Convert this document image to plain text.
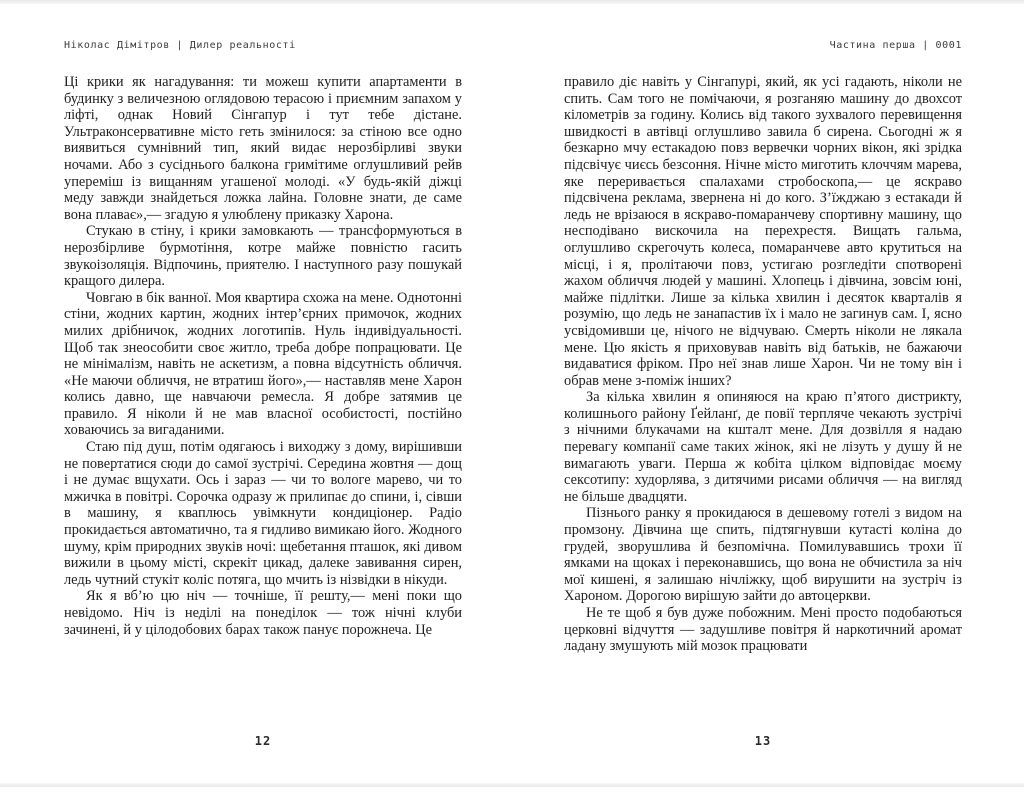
Ніколас Дімітров | Дилер реальності

Ці крики як нагадування: ти можеш купити апартаменти в будинку з величезною оглядовою терасою і приємним запахом у ліфті, однак Новий Сінгапур і тут тебе дістане. Ультраконсервативне місто геть змінилося: за стіною все одно виявиться сумнівний тип, який видає нерозбірливі звуки ночами. Або з сусіднього балкона гримітиме оглушливий рейв упереміш із вищанням угашеної молоді. «У будь-якій діжці меду завжди знайдеться ложка лайна. Головне знати, де саме вона плаває»,— згадую я улюблену приказку Харона.

Стукаю в стіну, і крики замовкають — трансформуються в нерозбірливе бурмотіння, котре майже повністю гасить звукоізоляція. Відпочинь, приятелю. І наступного разу пошукай кращого дилера.

Човгаю в бік ванної. Моя квартира схожа на мене. Однотонні стіни, жодних картин, жодних інтер’єрних примочок, жодних милих дрібничок, жодних логотипів. Нуль індивідуальності. Щоб так знеособити своє житло, треба добре попрацювати. Це не мінімалізм, навіть не аскетизм, а повна відсутність обличчя. «Не маючи обличчя, не втратиш його»,— наставляв мене Харон колись давно, ще навчаючи ремесла. Я добре затямив це правило. Я ніколи й не мав власної особистості, постійно ховаючись за вигаданими.

Стаю під душ, потім одягаюсь і виходжу з дому, вирішивши не повертатися сюди до самої зустрічі. Середина жовтня — дощ і не думає вщухати. Ось і зараз — чи то вологе марево, чи то мжичка в повітрі. Сорочка одразу ж прилипає до спини, і, сівши в машину, я кваплюсь увімкнути кондиціонер. Радіо прокидається автоматично, та я гидливо вимикаю його. Жодного шуму, крім природних звуків ночі: щебетання пташок, які дивом вижили в цьому місті, скрекіт цикад, далеке завивання сирен, ледь чутний стукіт коліс потяга, що мчить із нізвідки в нікуди.

Як я вб’ю цю ніч — точніше, її решту,— мені поки що невідомо. Ніч із неділі на понеділок — тож нічні клуби зачинені, й у цілодобових барах також панує порожнеча. Це

12
Частина перша | 0001

правило діє навіть у Сінгапурі, який, як усі гадають, ніколи не спить. Сам того не помічаючи, я розганяю машину до двохсот кілометрів за годину. Колись від такого зухвалого перевищення швидкості в автівці оглушливо завила б сирена. Сьогодні ж я безкарно мчу естакадою повз вервечки чорних вікон, які зрідка підсвічує чиєсь безсоння. Нічне місто миготить клоччям марева, яке переривається спалахами стробоскопа,— це яскраво підсвічена реклама, звернена ні до кого. З’їжджаю з естакади й ледь не врізаюся в яскраво-помаранчеву спортивну машину, що несподівано вискочила на перехрестя. Вищать гальма, оглушливо скрегочуть колеса, помаранчеве авто крутиться на місці, і я, пролітаючи повз, устигаю розгледіти спотворені жахом обличчя людей у машині. Хлопець і дівчина, зовсім юні, майже підлітки. Лише за кілька хвилин і десяток кварталів я розумію, що ледь не занапастив їх і мало не загинув сам. І, ясно усвідомивши це, нічого не відчуваю. Смерть ніколи не лякала мене. Цю якість я приховував навіть від батьків, не бажаючи видаватися фріком. Про неї знав лише Харон. Чи не тому він і обрав мене з-поміж інших?

За кілька хвилин я опиняюся на краю п’ятого дистрикту, колишнього району Ґейланґ, де повії терпляче чекають зустрічі з нічними блукачами на кшталт мене. Для дозвілля я надаю перевагу компанії саме таких жінок, які не лізуть у душу й не вимагають уваги. Перша ж кобіта цілком відповідає моєму сексотипу: худорлява, з дитячими рисами обличчя — на вигляд не більше двадцяти.

Пізнього ранку я прокидаюся в дешевому готелі з видом на промзону. Дівчина ще спить, підтягнувши кутасті коліна до грудей, зворушлива й безпомічна. Помилувавшись трохи її ямками на щоках і переконавшись, що вона не обчистила за ніч мої кишені, я залишаю нічліжку, щоб вирушити на зустріч із Хароном. Дорогою вирішую зайти до автоцеркви.

Не те щоб я був дуже побожним. Мені просто подобаються церковні відчуття — задушливе повітря й наркотичний аромат ладану змушують мій мозок працювати

13
